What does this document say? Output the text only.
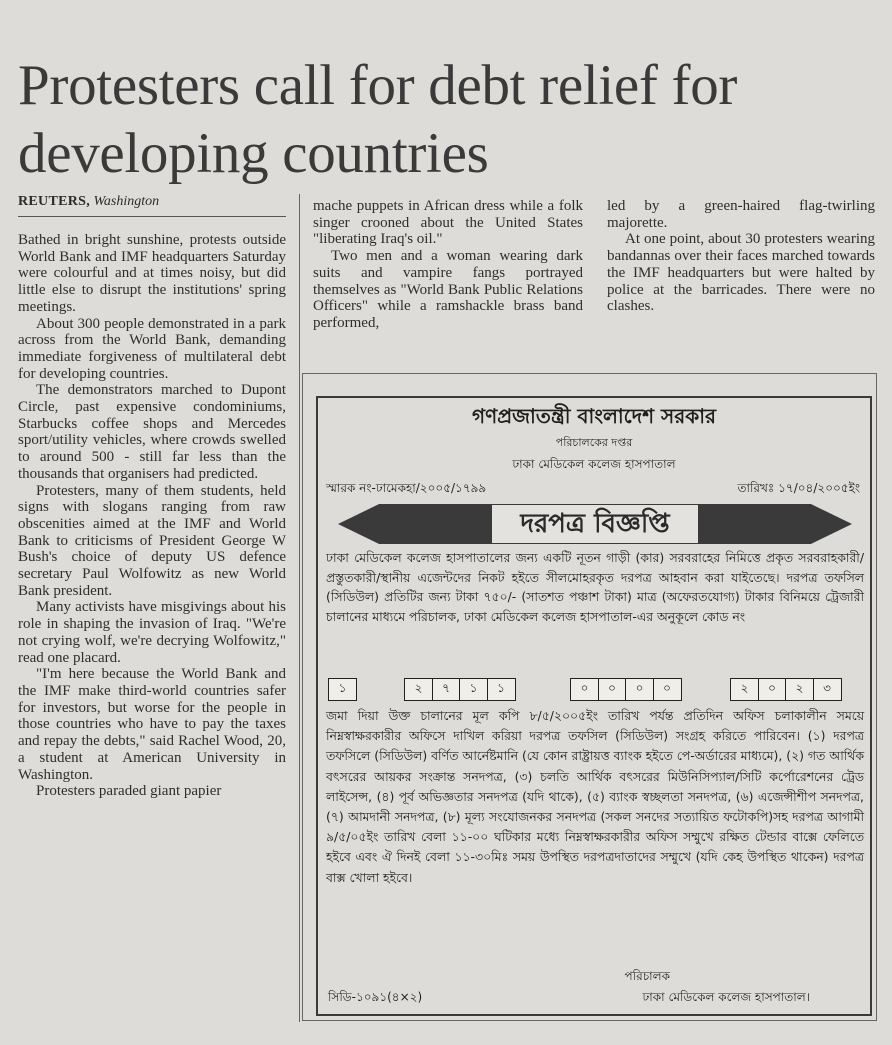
Protesters call for debt relief for developing countries
REUTERS, Washington

Bathed in bright sunshine, protests outside World Bank and IMF headquarters Saturday were colourful and at times noisy, but did little else to disrupt the institutions' spring meetings.

About 300 people demonstrated in a park across from the World Bank, demanding immediate forgiveness of multilateral debt for developing countries.

The demonstrators marched to Dupont Circle, past expensive condominiums, Starbucks coffee shops and Mercedes sport/utility vehicles, where crowds swelled to around 500 - still far less than the thousands that organisers had predicted.

Protesters, many of them students, held signs with slogans ranging from raw obscenities aimed at the IMF and World Bank to criticisms of President George W Bush's choice of deputy US defence secretary Paul Wolfowitz as new World Bank president.

Many activists have misgivings about his role in shaping the invasion of Iraq. "We're not crying wolf, we're decrying Wolfowitz," read one placard.

"I'm here because the World Bank and the IMF make third-world countries safer for investors, but worse for the people in those countries who have to pay the taxes and repay the debts," said Rachel Wood, 20, a student at American University in Washington.

Protesters paraded giant papier

mache puppets in African dress while a folk singer crooned about the United States "liberating Iraq's oil."

Two men and a woman wearing dark suits and vampire fangs portrayed themselves as "World Bank Public Relations Officers" while a ramshackle brass band performed,

led by a green-haired flag-twirling majorette.

At one point, about 30 protesters wearing bandannas over their faces marched towards the IMF headquarters but were halted by police at the barricades. There were no clashes.

গণপ্রজাতন্ত্রী বাংলাদেশ সরকার
পরিচালকের দপ্তর
ঢাকা মেডিকেল কলেজ হাসপাতাল
স্মারক নং-ঢামেকহা/২০০৫/১৭৯৯	তারিখঃ ১৭/০৪/২০০৫ইং
দরপত্র বিজ্ঞপ্তি
ঢাকা মেডিকেল কলেজ হাসপাতালের জন্য একটি নূতন গাড়ী (কার) সরবরাহের নিমিত্তে প্রকৃত সরবরাহকারী/প্রস্তুতকারী/স্থানীয় এজেন্টদের নিকট হইতে সীলমোহরকৃত দরপত্র আহবান করা যাইতেছে। দরপত্র তফসিল (সিডিউল) প্রতিটির জন্য টাকা ৭৫০/- (সাতশত পঞ্চাশ টাকা) মাত্র (অফেরতযোগ্য) টাকার বিনিময়ে ট্রেজারী চালানের মাধ্যমে পরিচালক, ঢাকা মেডিকেল কলেজ হাসপাতাল-এর অনুকূলে কোড নং
১	২	৭	১	১	০	০	০	০	২	০	২	৩
জমা দিয়া উক্ত চালানের মূল কপি ৮/৫/২০০৫ইং তারিখ পর্যন্ত প্রতিদিন অফিস চলাকালীন সময়ে নিম্নস্বাক্ষরকারীর অফিসে দাখিল করিয়া দরপত্র তফসিল (সিডিউল) সংগ্রহ করিতে পারিবেন। (১) দরপত্র তফসিলে (সিডিউল) বর্ণিত আর্নেষ্টমানি (যে কোন রাষ্ট্রায়ত্ত ব্যাংক হইতে পে-অর্ডারের মাধ্যমে), (২) গত আর্থিক বৎসরের আয়কর সংক্রান্ত সনদপত্র, (৩) চলতি আর্থিক বৎসরের মিউনিসিপ্যাল/সিটি কর্পোরেশনের ট্রেড লাইসেন্স, (৪) পূর্ব অভিজ্ঞতার সনদপত্র (যদি থাকে), (৫) ব্যাংক স্বচ্ছলতা সনদপত্র, (৬) এজেন্সীশীপ সনদপত্র, (৭) আমদানী সনদপত্র, (৮) মূল্য সংযোজনকর সনদপত্র (সকল সনদের সত্যায়িত ফটোকপি)সহ দরপত্র আগামী ৯/৫/০৫ইং তারিখ বেলা ১১-০০ ঘটিকার মধ্যে নিম্নস্বাক্ষরকারীর অফিস সম্মুখে রক্ষিত টেন্ডার বাক্সে ফেলিতে হইবে এবং ঐ দিনই বেলা ১১-৩০মিঃ সময় উপস্থিত দরপত্রদাতাদের সম্মুখে (যদি কেহ উপস্থিত থাকেন) দরপত্র বাক্স খোলা হইবে।
পরিচালক
সিডি-১০৯১(৪×২)	ঢাকা মেডিকেল কলেজ হাসপাতাল।
